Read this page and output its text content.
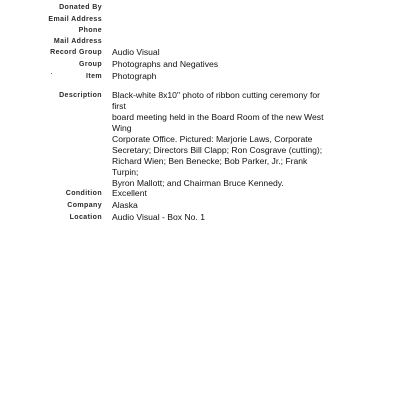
Donated By
Email Address
Phone
Mail Address
Record Group Audio Visual
Group Photographs and Negatives
Item Photograph
Description Black-white 8x10" photo of ribbon cutting ceremony for first
board meeting held in the Board Room of the new West Wing
Corporate Office. Pictured: Marjorie Laws, Corporate
Secretary; Directors Bill Clapp; Ron Cosgrave (cutting);
Richard Wien; Ben Benecke; Bob Parker, Jr.; Frank Turpin;
Byron Mallott; and Chairman Bruce Kennedy.
Condition Excellent
Company Alaska
Location Audio Visual - Box No. 1
